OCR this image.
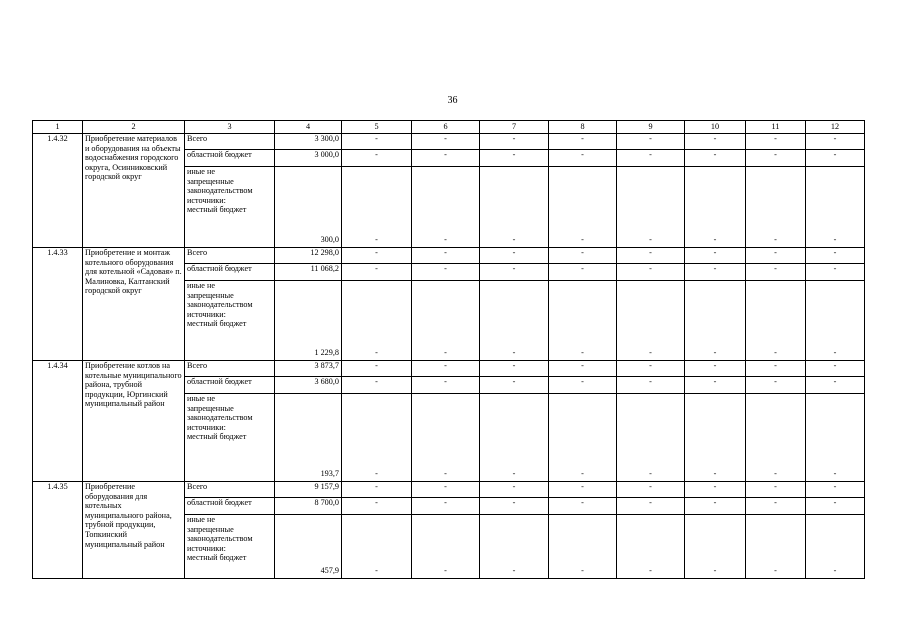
36
1	2	3	4	5	6	7	8	9	10	11	12
1.4.32	Приобретение материалов и оборудования на объекты водоснабжения городского округа, Осинниковский городской округ	Всего	3 300,0	-	-	-	-	-	-	-	-
		областной бюджет	3 000,0	-	-	-	-	-	-	-	-

		иные не
запрещенные
законодательством
источники:
местный бюджет	300,0	-	-	-	-	-	-	-	-
1.4.33	Приобретение и монтаж котельного оборудования для котельной «Садовая» п. Малиновка, Калтанский городской округ	Всего	12 298,0	-	-	-	-	-	-	-	-
		областной бюджет	11 068,2	-	-	-	-	-	-	-	-

		иные не
запрещенные
законодательством
источники:
местный бюджет	1 229,8	-	-	-	-	-	-	-	-
1.4.34	Приобретение котлов на котельные муниципального района, трубной продукции, Юргинский муниципальный район	Всего	3 873,7	-	-	-	-	-	-	-	-
		областной бюджет	3 680,0	-	-	-	-	-	-	-	-

		иные не
запрещенные
законодательством
источники:
местный бюджет	193,7	-	-	-	-	-	-	-	-
1.4.35	Приобретение оборудования для котельных муниципального района, трубной продукции, Топкинский муниципальный район	Всего	9 157,9	-	-	-	-	-	-	-	-
		областной бюджет	8 700,0	-	-	-	-	-	-	-	-

		иные не
запрещенные
законодательством
источники:
местный бюджет	457,9	-	-	-	-	-	-	-	-
